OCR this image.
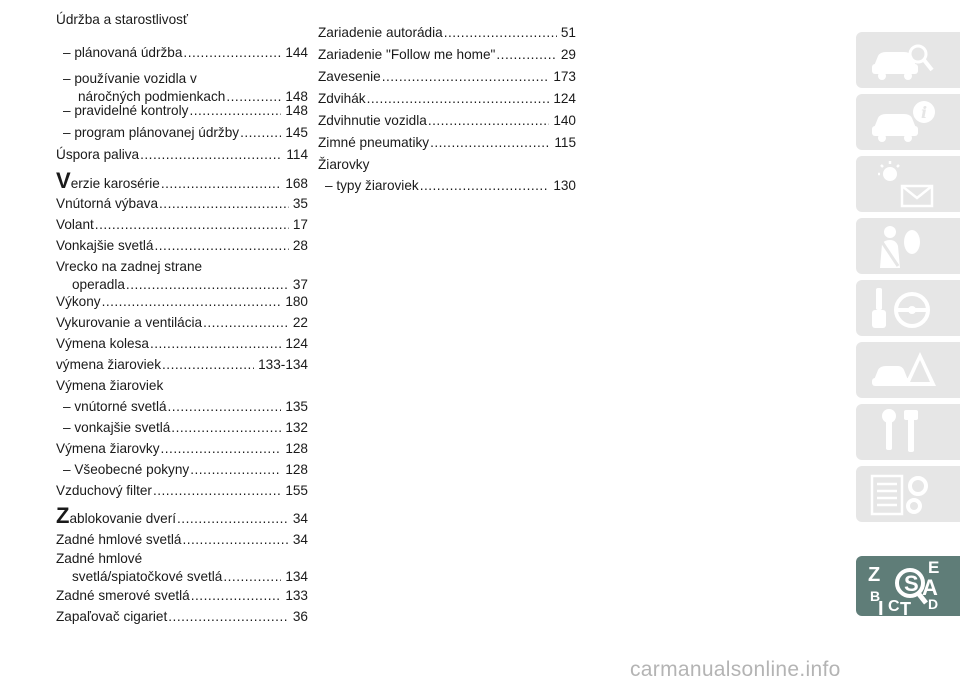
Údržba a starostlivosť
– plánovaná údržba .....	144
– používanie vozidla v
náročných podmienkach .....	148
– pravidelné kontroly .....	148
– program plánovanej údržby .....	145
Úspora paliva .....	114
Verzie karosérie .....	168
Vnútorná výbava .....	35
Volant .....	17
Vonkajšie svetlá .....	28
Vrecko na zadnej strane
operadla .....	37
Výkony .....	180
Vykurovanie a ventilácia .....	22
Výmena kolesa .....	124
výmena žiaroviek .....	133-134
Výmena žiaroviek
– vnútorné svetlá .....	135
– vonkajšie svetlá .....	132
Výmena žiarovky .....	128
– Všeobecné pokyny .....	128
Vzduchový filter .....	155
Zablokovanie dverí .....	34
Zadné hmlové svetlá .....	34
Zadné hmlové
svetlá/spiatočkové svetlá .....	134
Zadné smerové svetlá .....	133
Zapaľovač cigariet .....	36
Zariadenie autorádia .....	51
Zariadenie "Follow me home" .....	29
Zavesenie .....	173
Zdvihák .....	124
Zdvihnutie vozidla .....	140
Zimné pneumatiky .....	115
Žiarovky
– typy žiaroviek .....	130
i
Z	E
S A
B
I C T D
carmanualsonline.info
